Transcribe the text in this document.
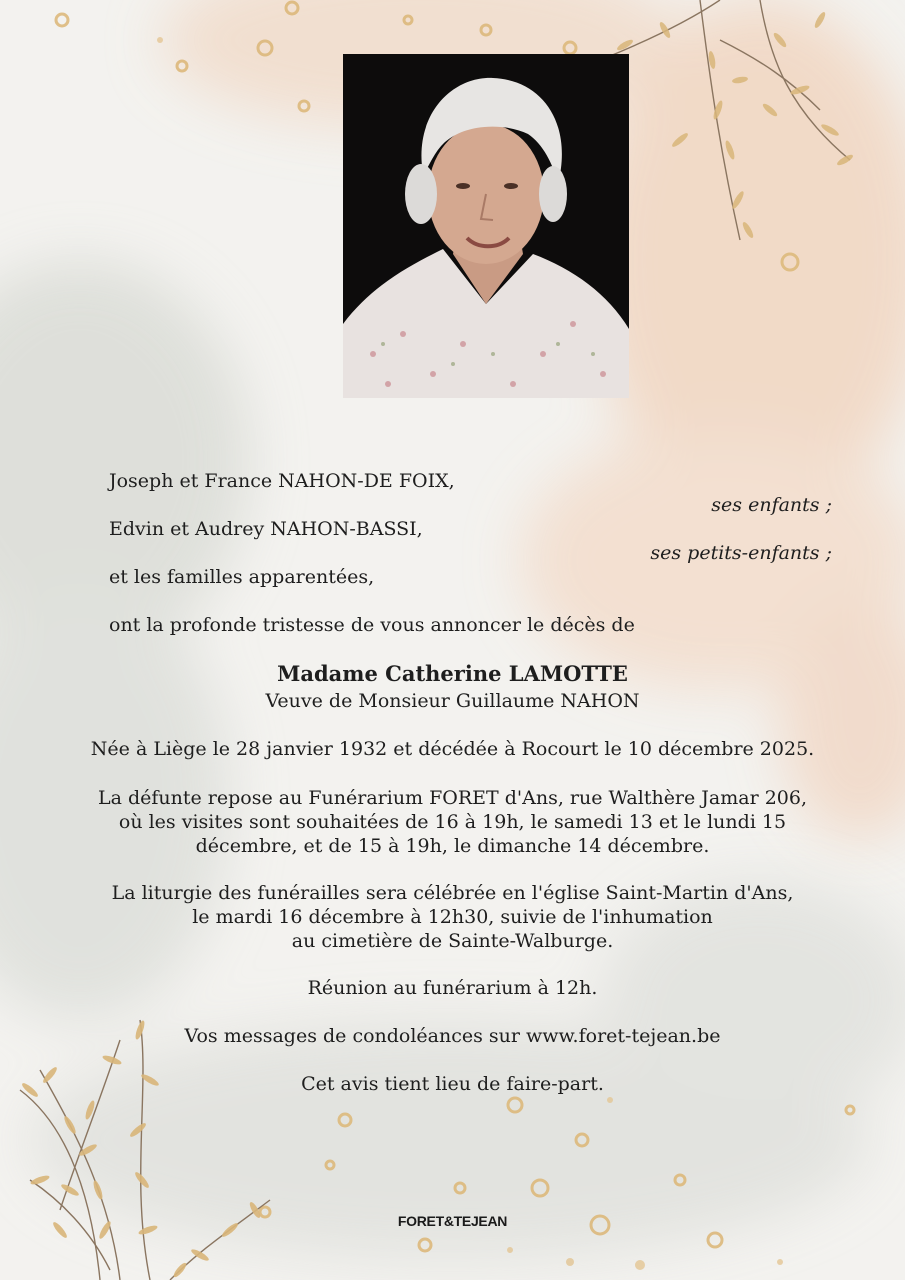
Joseph et France NAHON-DE FOIX,
ses enfants ;
Edvin et Audrey NAHON-BASSI,
ses petits-enfants ;
et les familles apparentées,
ont la profonde tristesse de vous annoncer le décès de
Madame Catherine LAMOTTE
Veuve de Monsieur Guillaume NAHON
Née à Liège le 28 janvier 1932 et décédée à Rocourt le 10 décembre 2025.
La défunte repose au Funérarium FORET d'Ans, rue Walthère Jamar 206,
où les visites sont souhaitées de 16 à 19h, le samedi 13 et le lundi 15
décembre, et de 15 à 19h, le dimanche 14 décembre.
La liturgie des funérailles sera célébrée en l'église Saint-Martin d'Ans,
le mardi 16 décembre à 12h30, suivie de l'inhumation
au cimetière de Sainte-Walburge.
Réunion au funérarium à 12h.
Vos messages de condoléances sur www.foret-tejean.be
Cet avis tient lieu de faire-part.
FORET&TEJEAN
